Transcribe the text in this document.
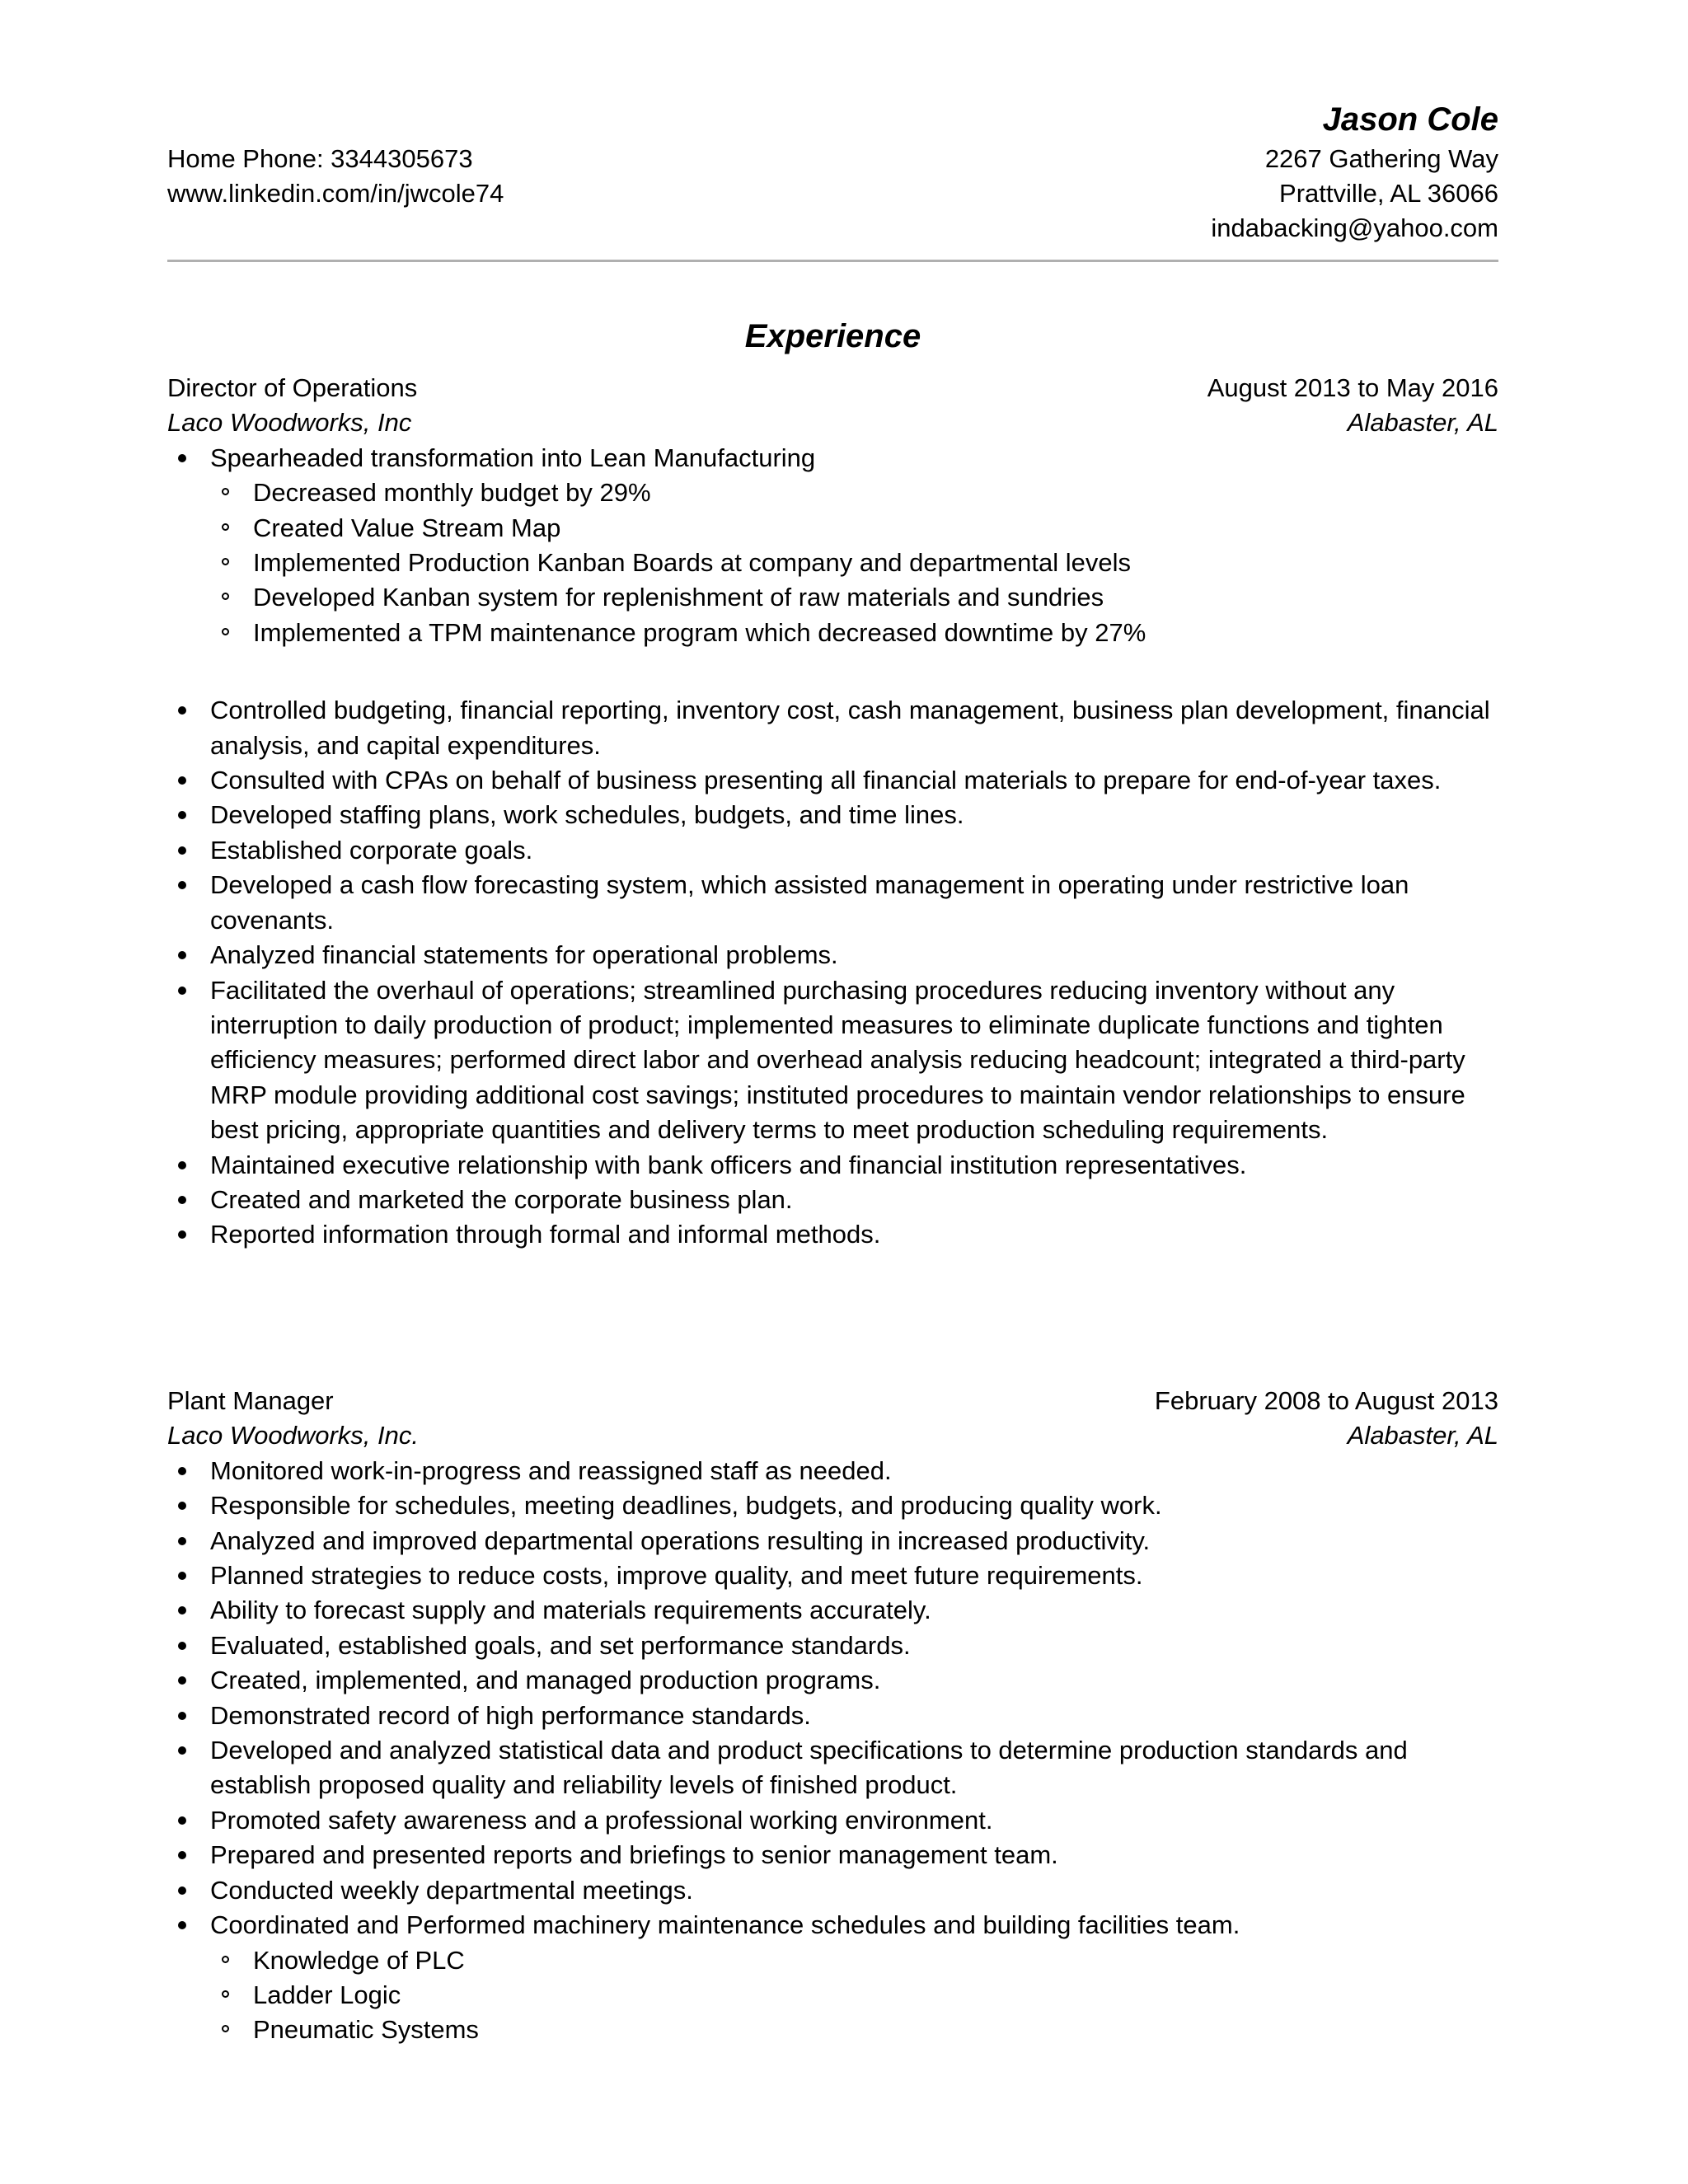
Jason Cole
Home Phone: 3344305673
www.linkedin.com/in/jwcole74
2267 Gathering Way
Prattville, AL 36066
indabacking@yahoo.com
Experience
Director of Operations	August 2013 to May 2016
Laco Woodworks, Inc	Alabaster, AL
Spearheaded transformation into Lean Manufacturing
Decreased monthly budget by 29%
Created Value Stream Map
Implemented Production Kanban Boards at company and departmental levels
Developed Kanban system for replenishment of raw materials and sundries
Implemented a TPM maintenance program which decreased downtime by 27%
Controlled budgeting, financial reporting, inventory cost, cash management, business plan development, financial analysis, and capital expenditures.
Consulted with CPAs on behalf of business presenting all financial materials to prepare for end-of-year taxes.
Developed staffing plans, work schedules, budgets, and time lines.
Established corporate goals.
Developed a cash flow forecasting system, which assisted management in operating under restrictive loan covenants.
Analyzed financial statements for operational problems.
Facilitated the overhaul of operations; streamlined purchasing procedures reducing inventory without any interruption to daily production of product; implemented measures to eliminate duplicate functions and tighten efficiency measures; performed direct labor and overhead analysis reducing headcount; integrated a third-party MRP module providing additional cost savings; instituted procedures to maintain vendor relationships to ensure best pricing, appropriate quantities and delivery terms to meet production scheduling requirements.
Maintained executive relationship with bank officers and financial institution representatives.
Created and marketed the corporate business plan.
Reported information through formal and informal methods.
Plant Manager	February 2008 to August 2013
Laco Woodworks, Inc.	Alabaster, AL
Monitored work-in-progress and reassigned staff as needed.
Responsible for schedules, meeting deadlines, budgets, and producing quality work.
Analyzed and improved departmental operations resulting in increased productivity.
Planned strategies to reduce costs, improve quality, and meet future requirements.
Ability to forecast supply and materials requirements accurately.
Evaluated, established goals, and set performance standards.
Created, implemented, and managed production programs.
Demonstrated record of high performance standards.
Developed and analyzed statistical data and product specifications to determine production standards and establish proposed quality and reliability levels of finished product.
Promoted safety awareness and a professional working environment.
Prepared and presented reports and briefings to senior management team.
Conducted weekly departmental meetings.
Coordinated and Performed machinery maintenance schedules and building facilities team.
Knowledge of PLC
Ladder Logic
Pneumatic Systems
